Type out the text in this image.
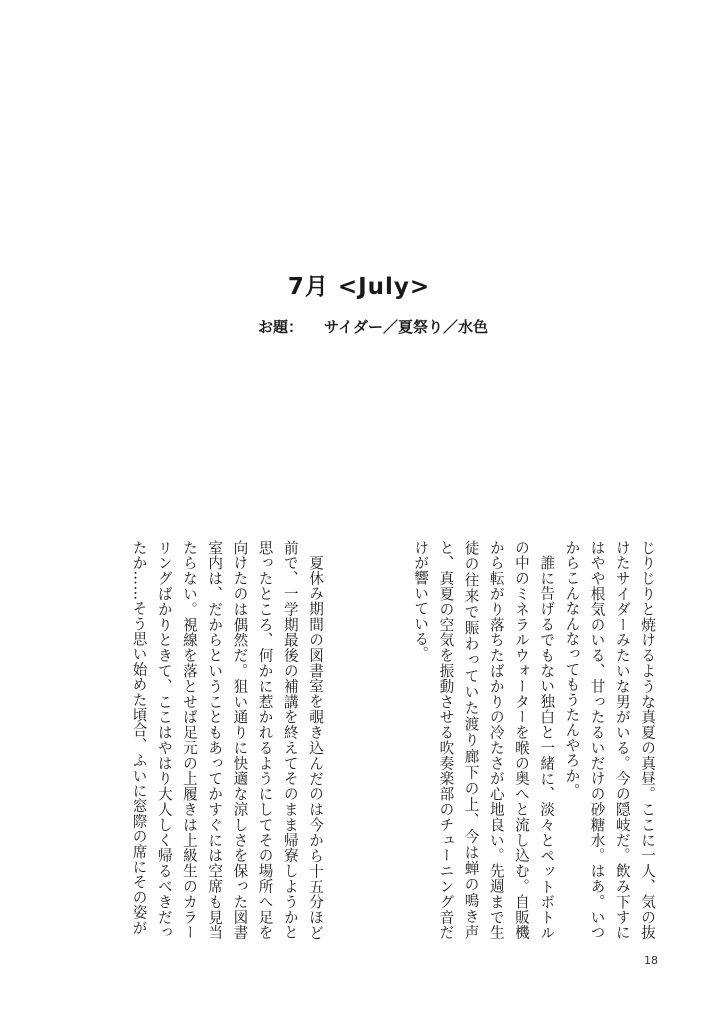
7月 <July>
お題： サイダー／夏祭り／水色

じりじりと焼けるような真夏の真昼。ここに一人、気の抜けたサイダーみたいな男がいる。今の隠岐だ。飲み下すにはやや根気のいる、甘ったるいだけの砂糖水。はあ。いつからこんなんなってもうたんやろか。

誰に告げるでもない独白と一緒に、淡々とペットボトルの中のミネラルウォーターを喉の奥へと流し込む。自販機から転がり落ちたばかりの冷たさが心地良い。先週まで生徒の往来で賑わっていた渡り廊下の上、今は蝉の鳴き声と、真夏の空気を振動させる吹奏楽部のチューニング音だけが響いている。

夏休み期間の図書室を覗き込んだのは今から十五分ほど前で、一学期最後の補講を終えてそのまま帰寮しようかと思ったところ、何かに惹かれるようにしてその場所へ足を向けたのは偶然だ。狙い通りに快適な涼しさを保った図書室内は、だからということもあってかすぐには空席も見当たらない。視線を落とせば足元の上履きは上級生のカラーリングばかりときて、ここはやはり大人しく帰るべきだったか……そう思い始めた頃合、ふいに窓際の席にその姿が

18
